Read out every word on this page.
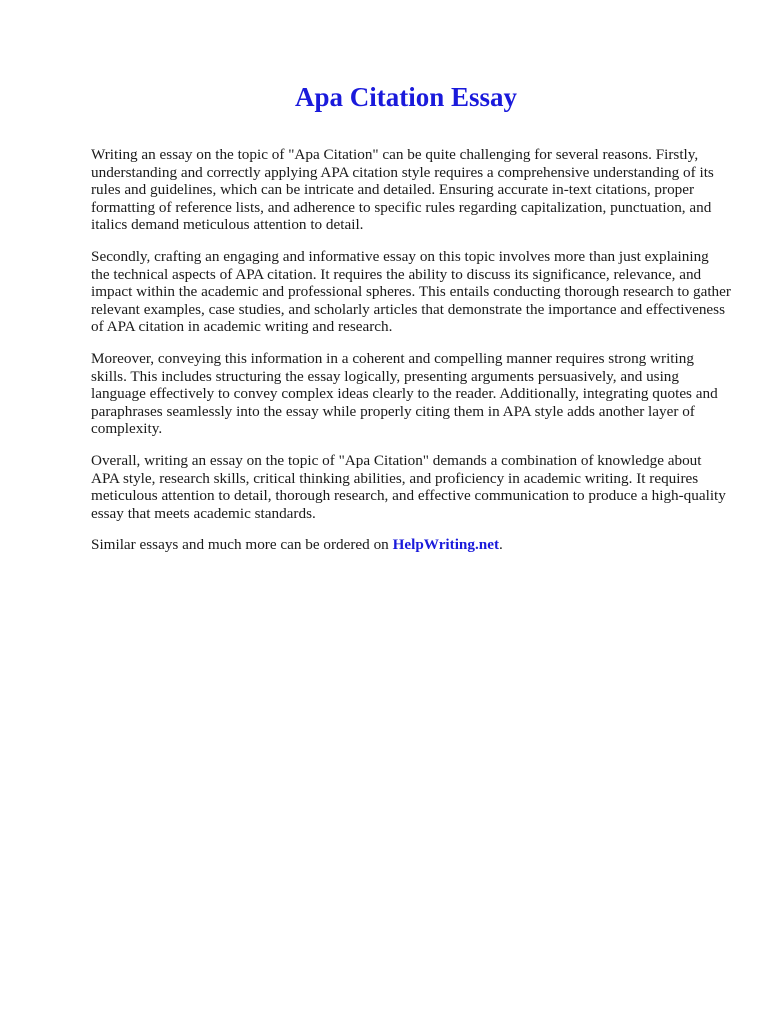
Apa Citation Essay

Writing an essay on the topic of "Apa Citation" can be quite challenging for several reasons. Firstly, understanding and correctly applying APA citation style requires a comprehensive understanding of its rules and guidelines, which can be intricate and detailed. Ensuring accurate in-text citations, proper formatting of reference lists, and adherence to specific rules regarding capitalization, punctuation, and italics demand meticulous attention to detail.

Secondly, crafting an engaging and informative essay on this topic involves more than just explaining the technical aspects of APA citation. It requires the ability to discuss its significance, relevance, and impact within the academic and professional spheres. This entails conducting thorough research to gather relevant examples, case studies, and scholarly articles that demonstrate the importance and effectiveness of APA citation in academic writing and research.

Moreover, conveying this information in a coherent and compelling manner requires strong writing skills. This includes structuring the essay logically, presenting arguments persuasively, and using language effectively to convey complex ideas clearly to the reader. Additionally, integrating quotes and paraphrases seamlessly into the essay while properly citing them in APA style adds another layer of complexity.

Overall, writing an essay on the topic of "Apa Citation" demands a combination of knowledge about APA style, research skills, critical thinking abilities, and proficiency in academic writing. It requires meticulous attention to detail, thorough research, and effective communication to produce a high-quality essay that meets academic standards.

Similar essays and much more can be ordered on HelpWriting.net.
